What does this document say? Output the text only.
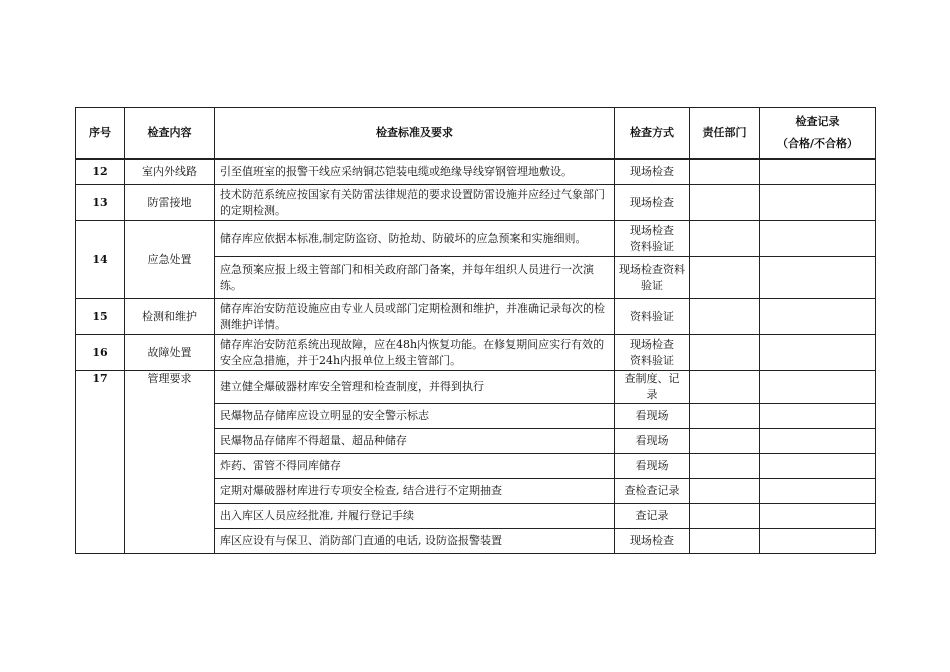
序号	检查内容	检查标准及要求	检查方式	责任部门	检查记录
（合格/不合格）

12	室内外线路	引至值班室的报警干线应采纳铜芯铠装电缆或绝缘导线穿钢管埋地敷设。	现场检查		
13	防雷接地	技术防范系统应按国家有关防雷法律规范的要求设置防雷设施并应经过气象部门的定期检测。	现场检查		
14	应急处置	储存库应依据本标准,制定防盗窃、防抢劫、防破坏的应急预案和实施细则。	现场检查资料验证		
		应急预案应报上级主管部门和相关政府部门备案，并每年组织人员进行一次演练。	现场检查资料验证		
15	检测和维护	储存库治安防范设施应由专业人员或部门定期检测和维护，并准确记录每次的检测维护详情。	资料验证		
16	故障处置	储存库治安防范系统出现故障，应在48h内恢复功能。在修复期间应实行有效的安全应急措施，并于24h内报单位上级主管部门。	现场检查资料验证		
17	管理要求	建立健全爆破器材库安全管理和检查制度，并得到执行	查制度、记录		
		民爆物品存储库应设立明显的安全警示标志	看现场		
		民爆物品存储库不得超量、超品种储存	看现场		
		炸药、雷管不得同库储存	看现场		
		定期对爆破器材库进行专项安全检查, 结合进行不定期抽查	查检查记录		
		出入库区人员应经批准, 并履行登记手续	查记录		
		库区应设有与保卫、消防部门直通的电话, 设防盗报警装置	现场检查		
